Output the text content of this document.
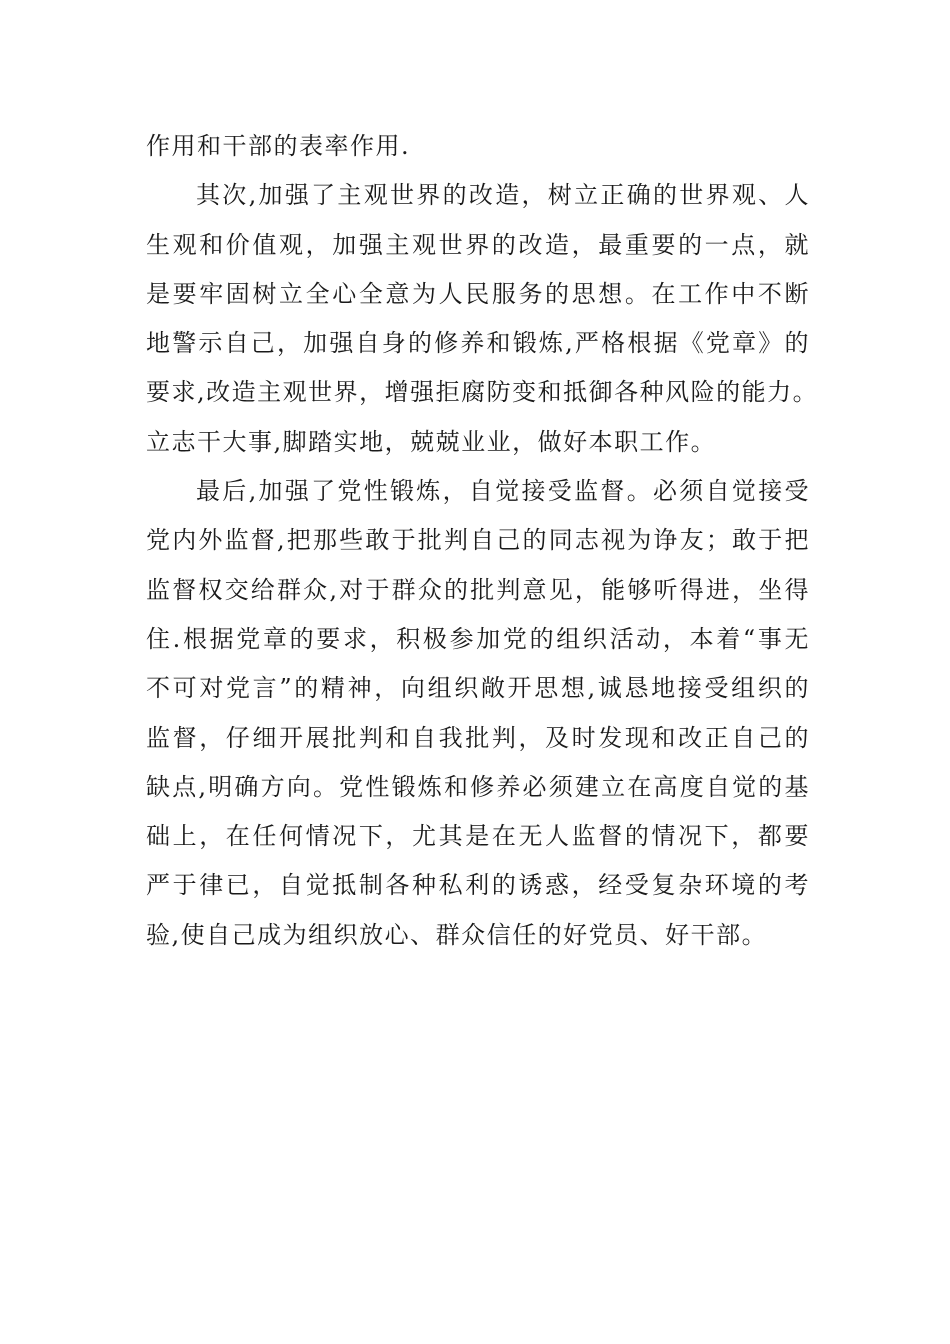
作用和干部的表率作用.
其次,加强了主观世界的改造，树立正确的世界观、人
生观和价值观，加强主观世界的改造，最重要的一点，就
是要牢固树立全心全意为人民服务的思想。在工作中不断
地警示自己，加强自身的修养和锻炼,严格根据《党章》的
要求,改造主观世界，增强拒腐防变和抵御各种风险的能力。
立志干大事,脚踏实地，兢兢业业，做好本职工作。
最后,加强了党性锻炼，自觉接受监督。必须自觉接受
党内外监督,把那些敢于批判自己的同志视为诤友；敢于把
监督权交给群众,对于群众的批判意见，能够听得进，坐得
住.根据党章的要求，积极参加党的组织活动，本着“事无
不可对党言”的精神，向组织敞开思想,诚恳地接受组织的
监督，仔细开展批判和自我批判，及时发现和改正自己的
缺点,明确方向。党性锻炼和修养必须建立在高度自觉的基
础上，在任何情况下，尤其是在无人监督的情况下，都要
严于律已，自觉抵制各种私利的诱惑，经受复杂环境的考
验,使自己成为组织放心、群众信任的好党员、好干部。
